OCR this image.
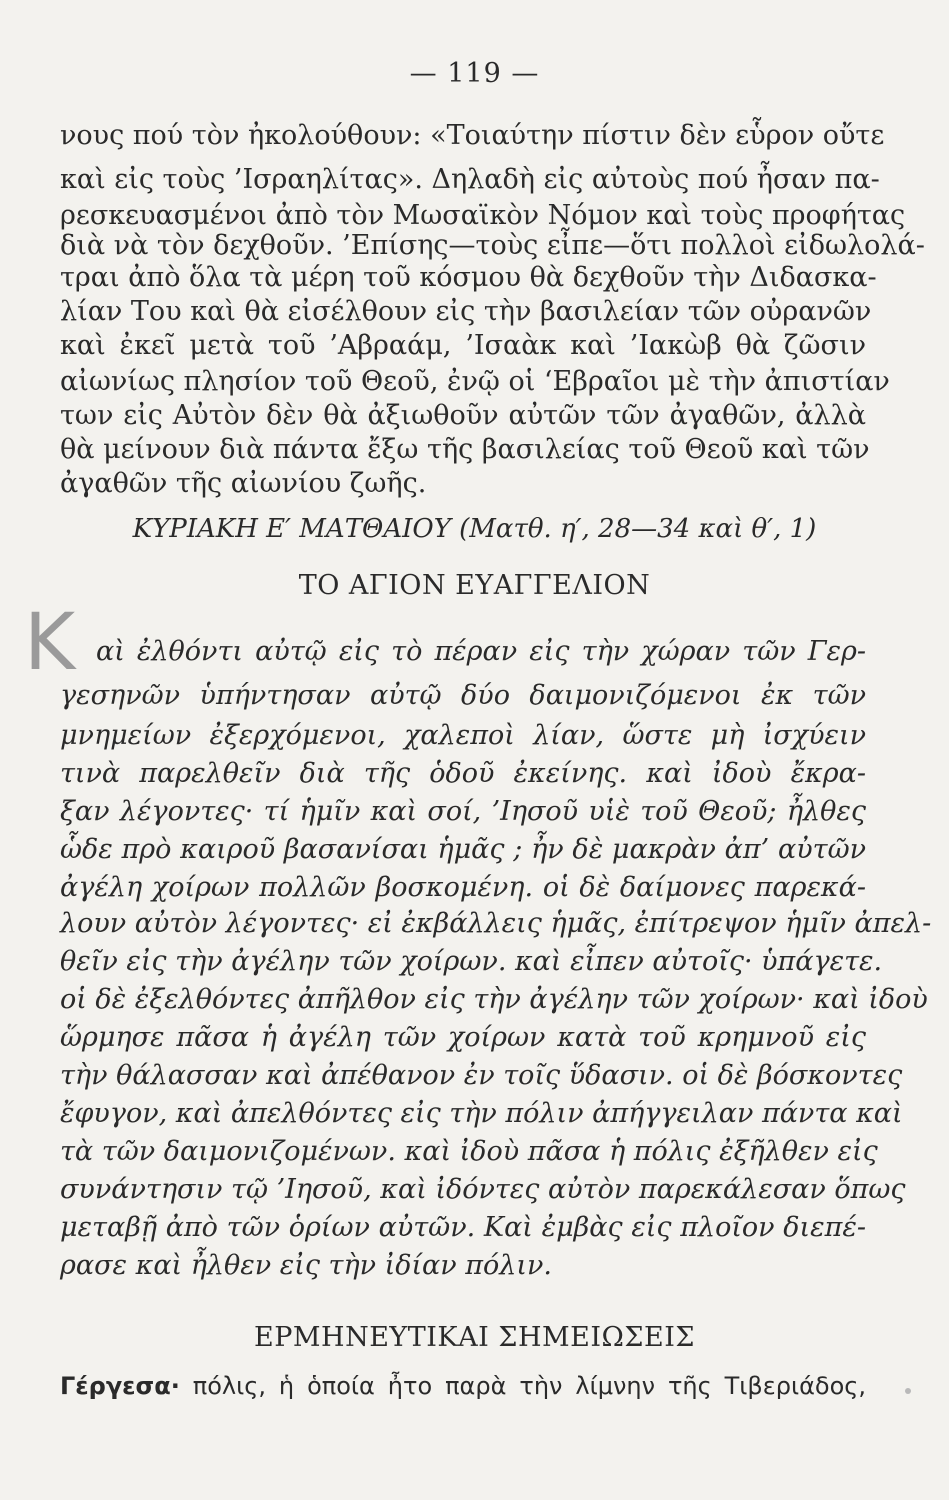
— 119 —
νους πού τὸν ἠκολούθουν: «Τοιαύτην πίστιν δὲν εὗρον οὔτε
καὶ εἰς τοὺς ’Ισραηλίτας». Δηλαδὴ εἰς αὐτοὺς πού ἦσαν πα-
ρεσκευασμένοι ἀπὸ τὸν Μωσαϊκὸν Νόμον καὶ τοὺς προφήτας
διὰ νὰ τὸν δεχθοῦν. ’Επίσης—τοὺς εἶπε—ὅτι πολλοὶ εἰδωλολά-
τραι ἀπὸ ὅλα τὰ μέρη τοῦ κόσμου θὰ δεχθοῦν τὴν Διδασκα-
λίαν Του καὶ θὰ εἰσέλθουν εἰς τὴν βασιλείαν τῶν οὐρανῶν
καὶ ἐκεῖ μετὰ τοῦ ’Αβραάμ, ’Ισαὰκ καὶ ’Ιακὼβ θὰ ζῶσιν
αἰωνίως πλησίον τοῦ Θεοῦ, ἐνῷ οἱ ‘Εβραῖοι μὲ τὴν ἀπιστίαν
των εἰς Αὐτὸν δὲν θὰ ἀξιωθοῦν αὐτῶν τῶν ἀγαθῶν, ἀλλὰ
θὰ μείνουν διὰ πάντα ἔξω τῆς βασιλείας τοῦ Θεοῦ καὶ τῶν
ἀγαθῶν τῆς αἰωνίου ζωῆς.
ΚΥΡΙΑΚΗ Ε′ ΜΑΤΘΑΙΟΥ (Ματθ. η′, 28—34 καὶ θ′, 1)
ΤΟ ΑΓΙΟΝ ΕΥΑΓΓΕΛΙΟΝ
Κ αὶ ἐλθόντι αὐτῷ εἰς τὸ πέραν εἰς τὴν χώραν τῶν Γερ-
γεσηνῶν ὑπήντησαν αὐτῷ δύο δαιμονιζόμενοι ἐκ τῶν
μνημείων ἐξερχόμενοι, χαλεποὶ λίαν, ὥστε μὴ ἰσχύειν
τινὰ παρελθεῖν διὰ τῆς ὁδοῦ ἐκείνης. καὶ ἰδοὺ ἔκρα-
ξαν λέγοντες· τί ἡμῖν καὶ σοί, ’Ιησοῦ υἱὲ τοῦ Θεοῦ; ἦλθες
ὧδε πρὸ καιροῦ βασανίσαι ἡμᾶς ; ἦν δὲ μακρὰν ἀπ’ αὐτῶν
ἀγέλη χοίρων πολλῶν βοσκομένη. οἱ δὲ δαίμονες παρεκά-
λουν αὐτὸν λέγοντες· εἰ ἐκβάλλεις ἡμᾶς, ἐπίτρεψον ἡμῖν ἀπελ-
θεῖν εἰς τὴν ἀγέλην τῶν χοίρων. καὶ εἶπεν αὐτοῖς· ὑπάγετε.
οἱ δὲ ἐξελθόντες ἀπῆλθον εἰς τὴν ἀγέλην τῶν χοίρων· καὶ ἰδοὺ
ὥρμησε πᾶσα ἡ ἀγέλη τῶν χοίρων κατὰ τοῦ κρημνοῦ εἰς
τὴν θάλασσαν καὶ ἀπέθανον ἐν τοῖς ὕδασιν. οἱ δὲ βόσκοντες
ἔφυγον, καὶ ἀπελθόντες εἰς τὴν πόλιν ἀπήγγειλαν πάντα καὶ
τὰ τῶν δαιμονιζομένων. καὶ ἰδοὺ πᾶσα ἡ πόλις ἐξῆλθεν εἰς
συνάντησιν τῷ ’Ιησοῦ, καὶ ἰδόντες αὐτὸν παρεκάλεσαν ὅπως
μεταβῇ ἀπὸ τῶν ὁρίων αὐτῶν. Καὶ ἐμβὰς εἰς πλοῖον διεπέ-
ρασε καὶ ἦλθεν εἰς τὴν ἰδίαν πόλιν.
ΕΡΜΗΝΕΥΤΙΚΑΙ ΣΗΜΕΙΩΣΕΙΣ
Γέργεσα· πόλις, ἡ ὁποία ἦτο παρὰ τὴν λίμνην τῆς Τιβεριάδος,
